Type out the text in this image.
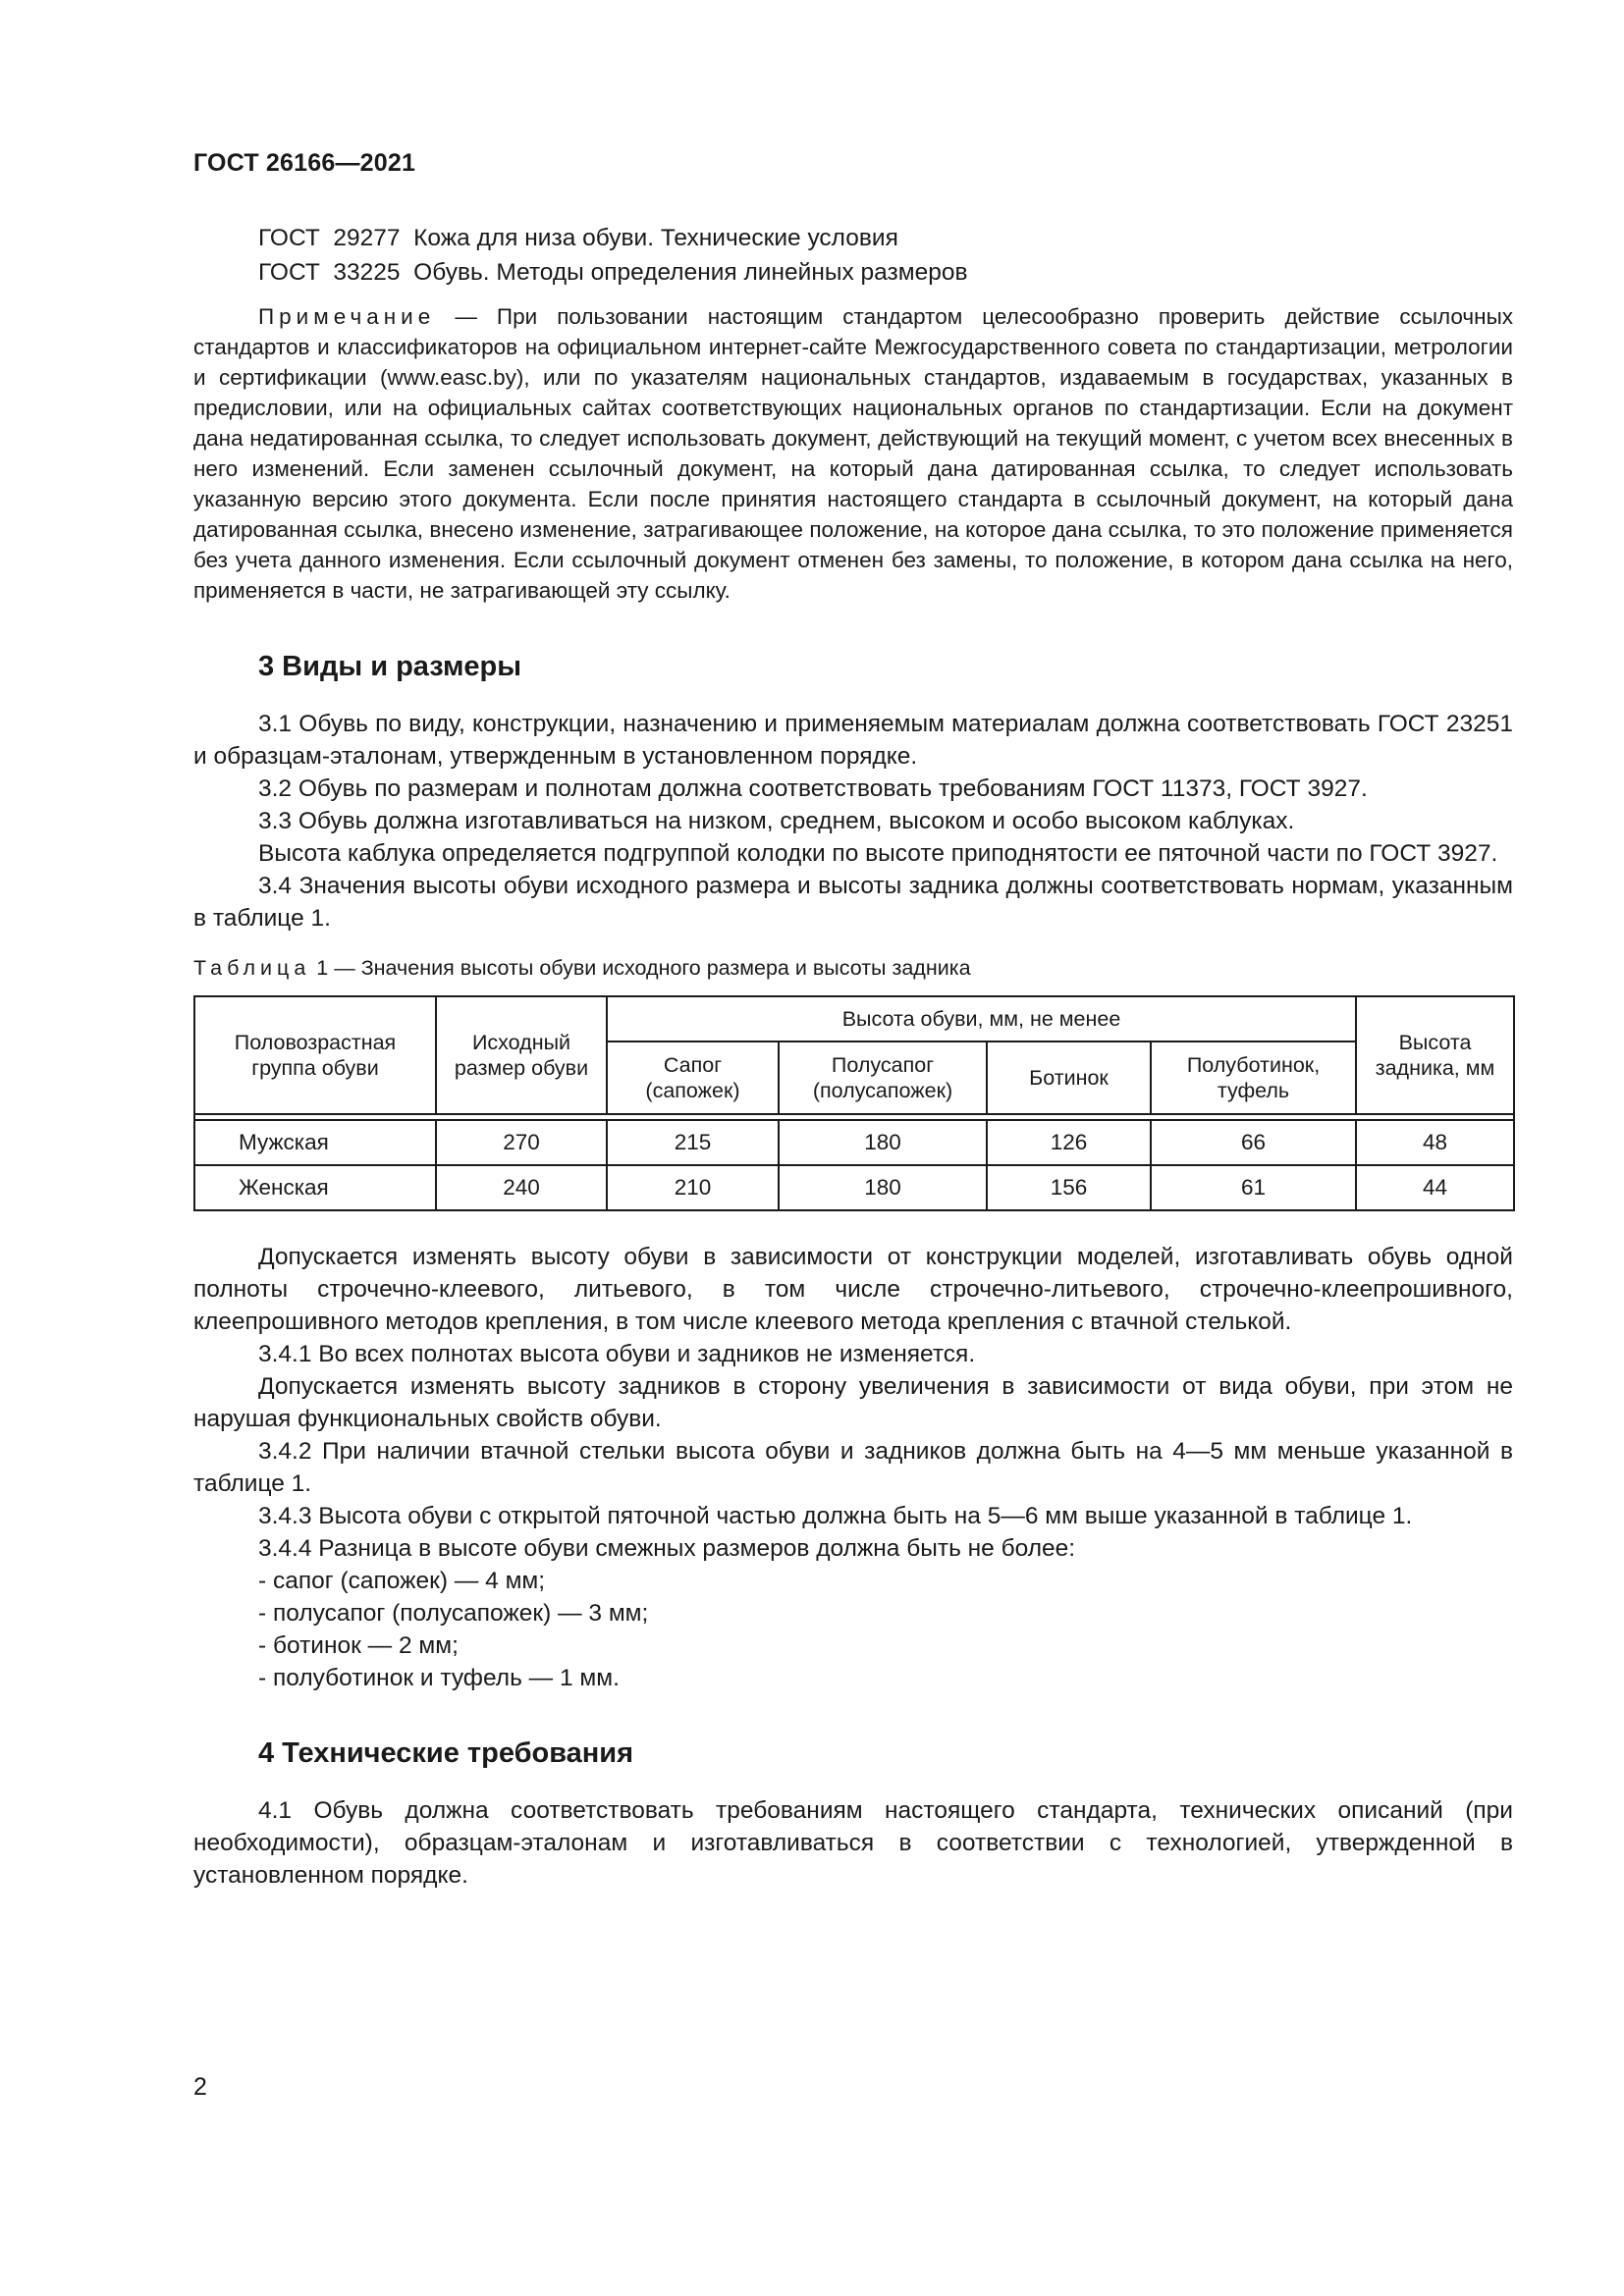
ГОСТ 26166—2021
ГОСТ  29277  Кожа для низа обуви. Технические условия
ГОСТ  33225  Обувь. Методы определения линейных размеров
Примечание — При пользовании настоящим стандартом целесообразно проверить действие ссылочных стандартов и классификаторов на официальном интернет-сайте Межгосударственного совета по стандартизации, метрологии и сертификации (www.easc.by), или по указателям национальных стандартов, издаваемым в государствах, указанных в предисловии, или на официальных сайтах соответствующих национальных органов по стандартизации. Если на документ дана недатированная ссылка, то следует использовать документ, действующий на текущий момент, с учетом всех внесенных в него изменений. Если заменен ссылочный документ, на который дана датированная ссылка, то следует использовать указанную версию этого документа. Если после принятия настоящего стандарта в ссылочный документ, на который дана датированная ссылка, внесено изменение, затрагивающее положение, на которое дана ссылка, то это положение применяется без учета данного изменения. Если ссылочный документ отменен без замены, то положение, в котором дана ссылка на него, применяется в части, не затрагивающей эту ссылку.
3 Виды и размеры

3.1 Обувь по виду, конструкции, назначению и применяемым материалам должна соответствовать ГОСТ 23251 и образцам-эталонам, утвержденным в установленном порядке.

3.2 Обувь по размерам и полнотам должна соответствовать требованиям ГОСТ 11373, ГОСТ 3927.

3.3 Обувь должна изготавливаться на низком, среднем, высоком и особо высоком каблуках.

Высота каблука определяется подгруппой колодки по высоте приподнятости ее пяточной части по ГОСТ 3927.

3.4 Значения высоты обуви исходного размера и высоты задника должны соответствовать нормам, указанным в таблице 1.

Таблица 1 — Значения высоты обуви исходного размера и высоты задника
Половозрастная группа обуви	Исходный размер обуви	Высота обуви, мм, не менее				Высота задника, мм
		Сапог (сапожек)	Полусапог (полусапожек)	Ботинок	Полуботинок, туфель	

Мужская	270	215	180	126	66	48
Женская	240	210	180	156	61	44

Допускается изменять высоту обуви в зависимости от конструкции моделей, изготавливать обувь одной полноты строчечно-клеевого, литьевого, в том числе строчечно-литьевого, строчечно-клеепрошивного, клеепрошивного методов крепления, в том числе клеевого метода крепления с втачной стелькой.

3.4.1 Во всех полнотах высота обуви и задников не изменяется.

Допускается изменять высоту задников в сторону увеличения в зависимости от вида обуви, при этом не нарушая функциональных свойств обуви.

3.4.2 При наличии втачной стельки высота обуви и задников должна быть на 4—5 мм меньше указанной в таблице 1.

3.4.3 Высота обуви с открытой пяточной частью должна быть на 5—6 мм выше указанной в таблице 1.

3.4.4 Разница в высоте обуви смежных размеров должна быть не более:

- сапог (сапожек) — 4 мм;
- полусапог (полусапожек) — 3 мм;
- ботинок — 2 мм;
- полуботинок и туфель — 1 мм.
4 Технические требования

4.1 Обувь должна соответствовать требованиям настоящего стандарта, технических описаний (при необходимости), образцам-эталонам и изготавливаться в соответствии с технологией, утвержденной в установленном порядке.

2
